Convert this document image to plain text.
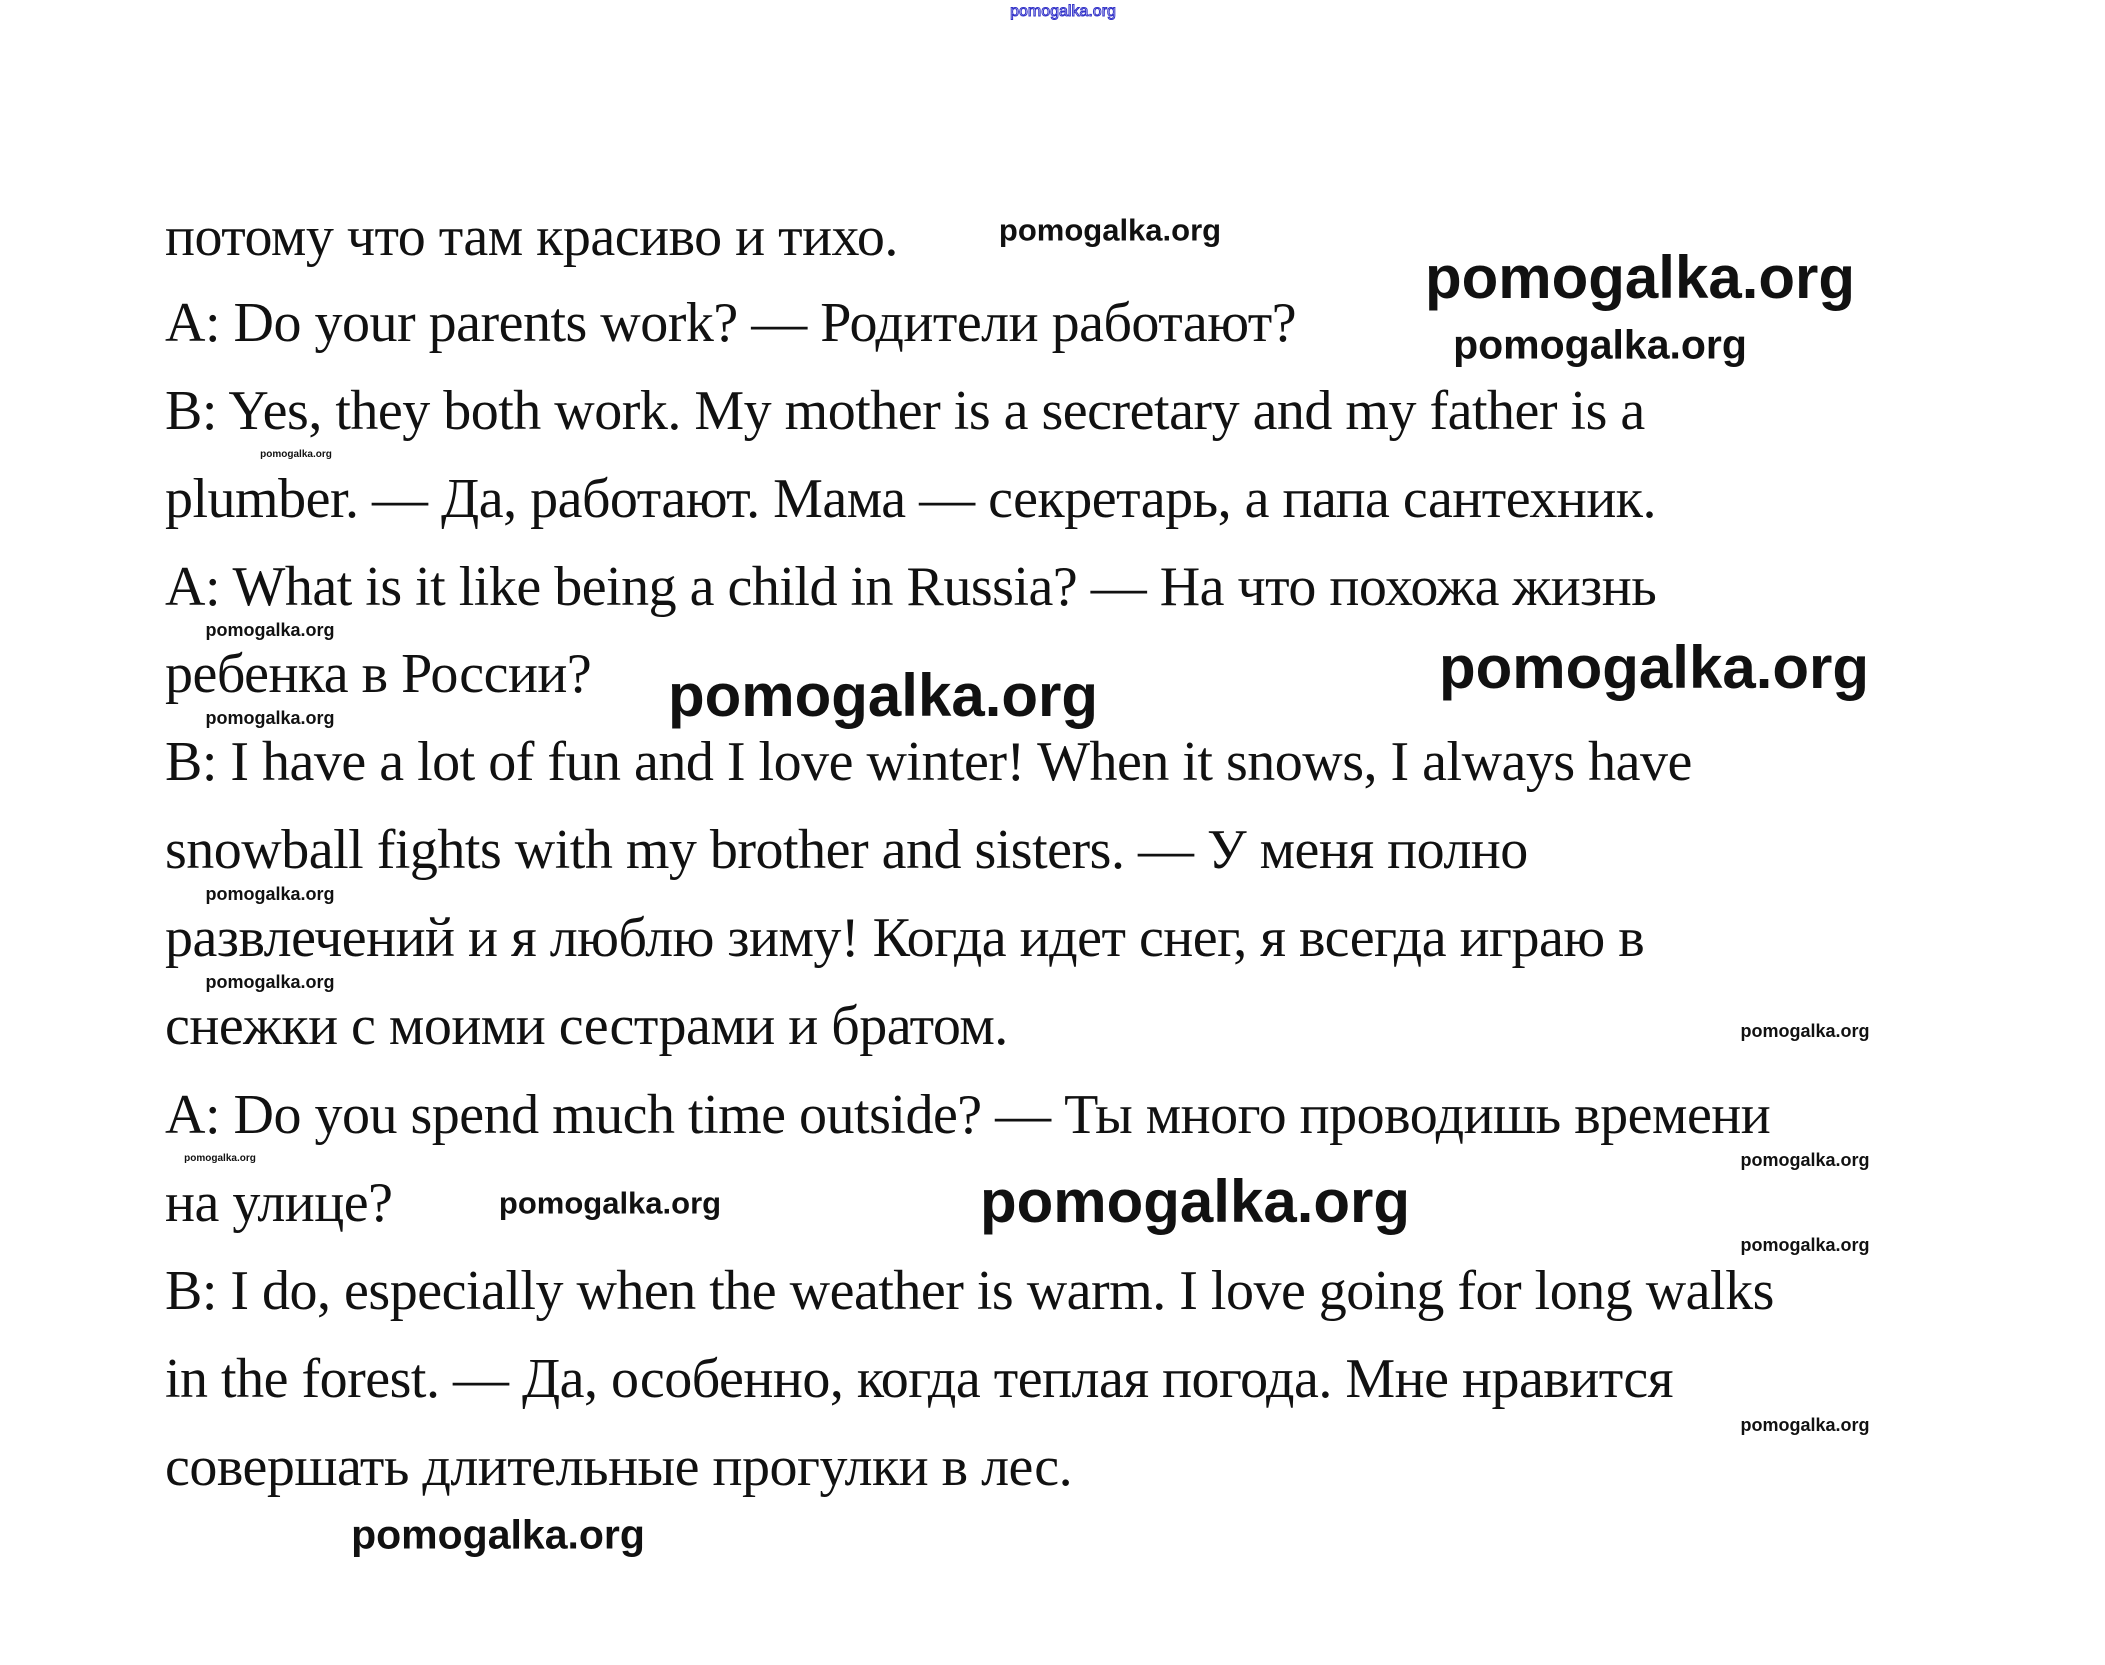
потому что там красиво и тихо.
A: Do your parents work? — Родители работают?
B: Yes, they both work. My mother is a secretary and my father is a
plumber. — Да, работают. Мама — секретарь, а папа сантехник.
A: What is it like being a child in Russia? — На что похожа жизнь
ребенка в России?
B: I have a lot of fun and I love winter! When it snows, I always have
snowball fights with my brother and sisters. — У меня полно
развлечений и я люблю зиму! Когда идет снег, я всегда играю в
снежки с моими сестрами и братом.
A: Do you spend much time outside? — Ты много проводишь времени
на улице?
B: I do, especially when the weather is warm. I love going for long walks
in the forest. — Да, особенно, когда теплая погода. Мне нравится
совершать длительные прогулки в лес.
pomogalka.org
pomogalka.org
pomogalka.org
pomogalka.org
pomogalka.org
pomogalka.org
pomogalka.org
pomogalka.org
pomogalka.org
pomogalka.org
pomogalka.org
pomogalka.org
pomogalka.org
pomogalka.org
pomogalka.org	pomogalka.org
pomogalka.org
pomogalka.org
pomogalka.org
